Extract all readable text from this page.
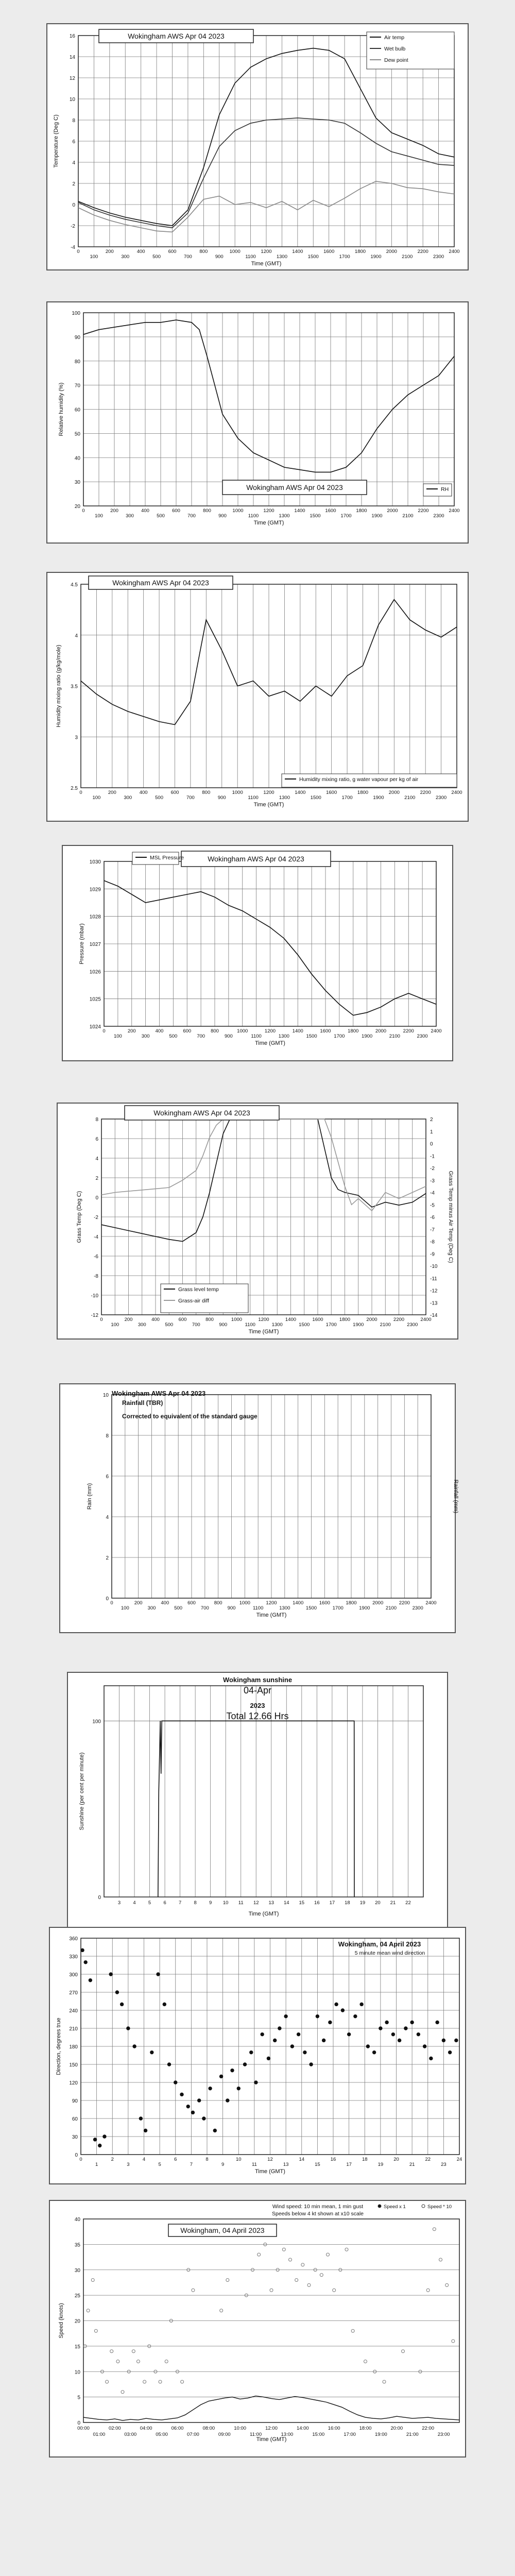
-4
-2
0
2
4
6
8
10
12
14
16
0
100
200
300
400
500
600
700
800
900
1000
1100
1200
1300
1400
1500
1600
1700
1800
1900
2000
2100
2200
2300
2400
Time (GMT)
Temperature (Deg C)
Wokingham AWS Apr 04 2023	Air temp
Wet bulb
Dew point
20
30
40
50
60
70
80
90
100
0
100
200
300
400
500
600
700
800
900
1000
1100
1200
1300
1400
1500
1600
1700
1800
1900
2000
2100
2200
2300
2400
Time (GMT)
Relative humidity (%)
Wokingham AWS Apr 04 2023	RH
2.5
3
3.5
4
4.5
0
100
200
300
400
500
600
700
800
900
1000
1100
1200
1300
1400
1500
1600
1700
1800
1900
2000
2100
2200
2300
2400
Time (GMT)
Humidity mixing ratio (g/kg/mole)
Wokingham AWS Apr 04 2023
Humidity mixing ratio, g water vapour per kg of air
1024
1025
1026
1027
1028
1029
1030
0
100
200
300
400
500
600
700
800
900
1000
1100
1200
1300
1400
1500
1600
1700
1800
1900
2000
2100
2200
2300
2400
Time (GMT)
Pressure (mbar)
Wokingham AWS Apr 04 2023
MSL Pressure
-12
-10
-8
-6
-4
-2
0
2
4
6
8
0
100
200
300
400
500
600
700
800
900
1000
1100
1200
1300
1400
1500
1600
1700
1800
1900
2000
2100
2200
2300
2400
Time (GMT)
Grass Temp (Deg C)
-14
-13
-12
-11
-10
-9
-8
-7
-6
-5
-4
-3
-2
-1
0
1
2
Grass Temp minus Air Temp (Deg C)
Wokingham AWS Apr 04 2023
Grass level temp
Grass-air diff
0
2
4
6
8
10
0
100
200
300
400
500
600
700
800
900
1000
1100
1200
1300
1400
1500
1600
1700
1800
1900
2000
2100
2200
2300
2400
Time (GMT)
Rain (mm)	Rainfall (mm)
Wokingham AWS Apr 04 2023
Rainfall (TBR)
Corrected to equivalent of the standard gauge
0
100
3	4	5	6	7	8	9 10 11 12 13 14 15 16 17 18 19 20 21 22
Time (GMT)
Sunshine (per cent per minute)
Wokingham sunshine
04-Apr
2023
Total 12.66 Hrs
0
30
60
90
120
150
180
210
240
270
300
330
360
0
1
2
3
4
5
6
7
8
9
10
11
12
13
14
15
16
17
18
19
20
21
22
23
24
Time (GMT)
Direction, degrees true
Wokingham, 04 April 2023
5 minute mean wind direction
0
5
10
15
20
25
30
35
40
Time (GMT)
Speed (knots)
Wokingham, 04 April 2023
Wind speed: 10 min mean, 1 min gust
Speeds below 4 kt shown at x10 scale
00:00	02:00	04:00	06:00	08:00	10:00	12:00	14:00	16:00	18:00	20:00	22:00
01:00	03:00	05:00	07:00	09:00	11:00	13:00	15:00	17:00	19:00	21:00	23:00
Speed x 1	Speed * 10
